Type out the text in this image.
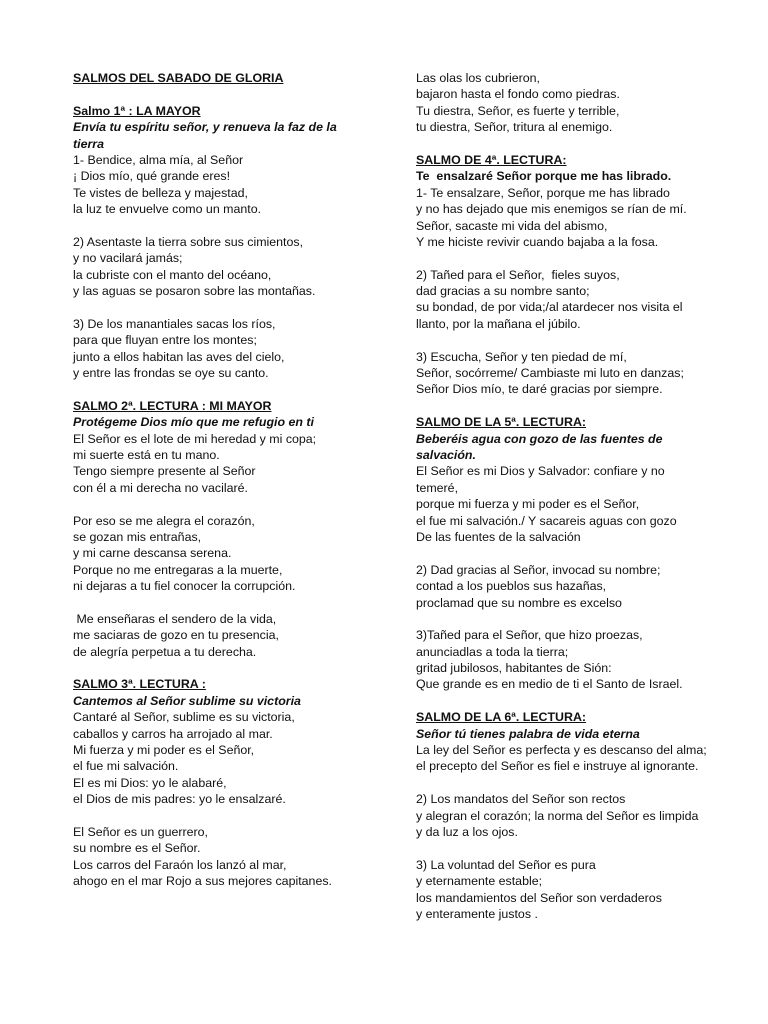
SALMOS DEL SABADO DE GLORIA
Salmo 1ª : LA MAYOR
Envía tu espíritu señor, y renueva la faz de la
tierra
1- Bendice, alma mía, al Señor
¡ Dios mío, qué grande eres!
Te vistes de belleza y majestad,
la luz te envuelve como un manto.
2) Asentaste la tierra sobre sus cimientos,
y no vacilará jamás;
la cubriste con el manto del océano,
y las aguas se posaron sobre las montañas.
3) De los manantiales sacas los ríos,
para que fluyan entre los montes;
junto a ellos habitan las aves del cielo,
y entre las frondas se oye su canto.
SALMO 2ª. LECTURA : MI MAYOR
Protégeme Dios mío que me refugio en ti
El Señor es el lote de mi heredad y mi copa;
mi suerte está en tu mano.
Tengo siempre presente al Señor
con él a mi derecha no vacilaré.
Por eso se me alegra el corazón,
se gozan mis entrañas,
y mi carne descansa serena.
Porque no me entregaras a la muerte,
ni dejaras a tu fiel conocer la corrupción.
Me enseñaras el sendero de la vida,
me saciaras de gozo en tu presencia,
de alegría perpetua a tu derecha.
SALMO 3ª. LECTURA :
Cantemos al Señor sublime su victoria
Cantaré al Señor, sublime es su victoria,
caballos y carros ha arrojado al mar.
Mi fuerza y mi poder es el Señor,
el fue mi salvación.
El es mi Dios: yo le alabaré,
el Dios de mis padres: yo le ensalzaré.
El Señor es un guerrero,
su nombre es el Señor.
Los carros del Faraón los lanzó al mar,
ahogo en el mar Rojo a sus mejores capitanes.
Las olas los cubrieron,
bajaron hasta el fondo como piedras.
Tu diestra, Señor, es fuerte y terrible,
tu diestra, Señor, tritura al enemigo.
SALMO DE 4ª. LECTURA:
Te  ensalzaré Señor porque me has librado.
1- Te ensalzare, Señor, porque me has librado
y no has dejado que mis enemigos se rían de mí.
Señor, sacaste mi vida del abismo,
Y me hiciste revivir cuando bajaba a la fosa.
2) Tañed para el Señor,  fieles suyos,
dad gracias a su nombre santo;
su bondad, de por vida;/al atardecer nos visita el
llanto, por la mañana el júbilo.
3) Escucha, Señor y ten piedad de mí,
Señor, socórreme/ Cambiaste mi luto en danzas;
Señor Dios mío, te daré gracias por siempre.
SALMO DE LA 5ª. LECTURA:
Beberéis agua con gozo de las fuentes de
salvación.
El Señor es mi Dios y Salvador: confiare y no
temeré,
porque mi fuerza y mi poder es el Señor,
el fue mi salvación./ Y sacareis aguas con gozo
De las fuentes de la salvación
2) Dad gracias al Señor, invocad su nombre;
contad a los pueblos sus hazañas,
proclamad que su nombre es excelso
3)Tañed para el Señor, que hizo proezas,
anunciadlas a toda la tierra;
gritad jubilosos, habitantes de Sión:
Que grande es en medio de ti el Santo de Israel.
SALMO DE LA 6ª. LECTURA:
Señor tú tienes palabra de vida eterna
La ley del Señor es perfecta y es descanso del alma;
el precepto del Señor es fiel e instruye al ignorante.
2) Los mandatos del Señor son rectos
y alegran el corazón; la norma del Señor es limpida
y da luz a los ojos.
3) La voluntad del Señor es pura
y eternamente estable;
los mandamientos del Señor son verdaderos
y enteramente justos .
